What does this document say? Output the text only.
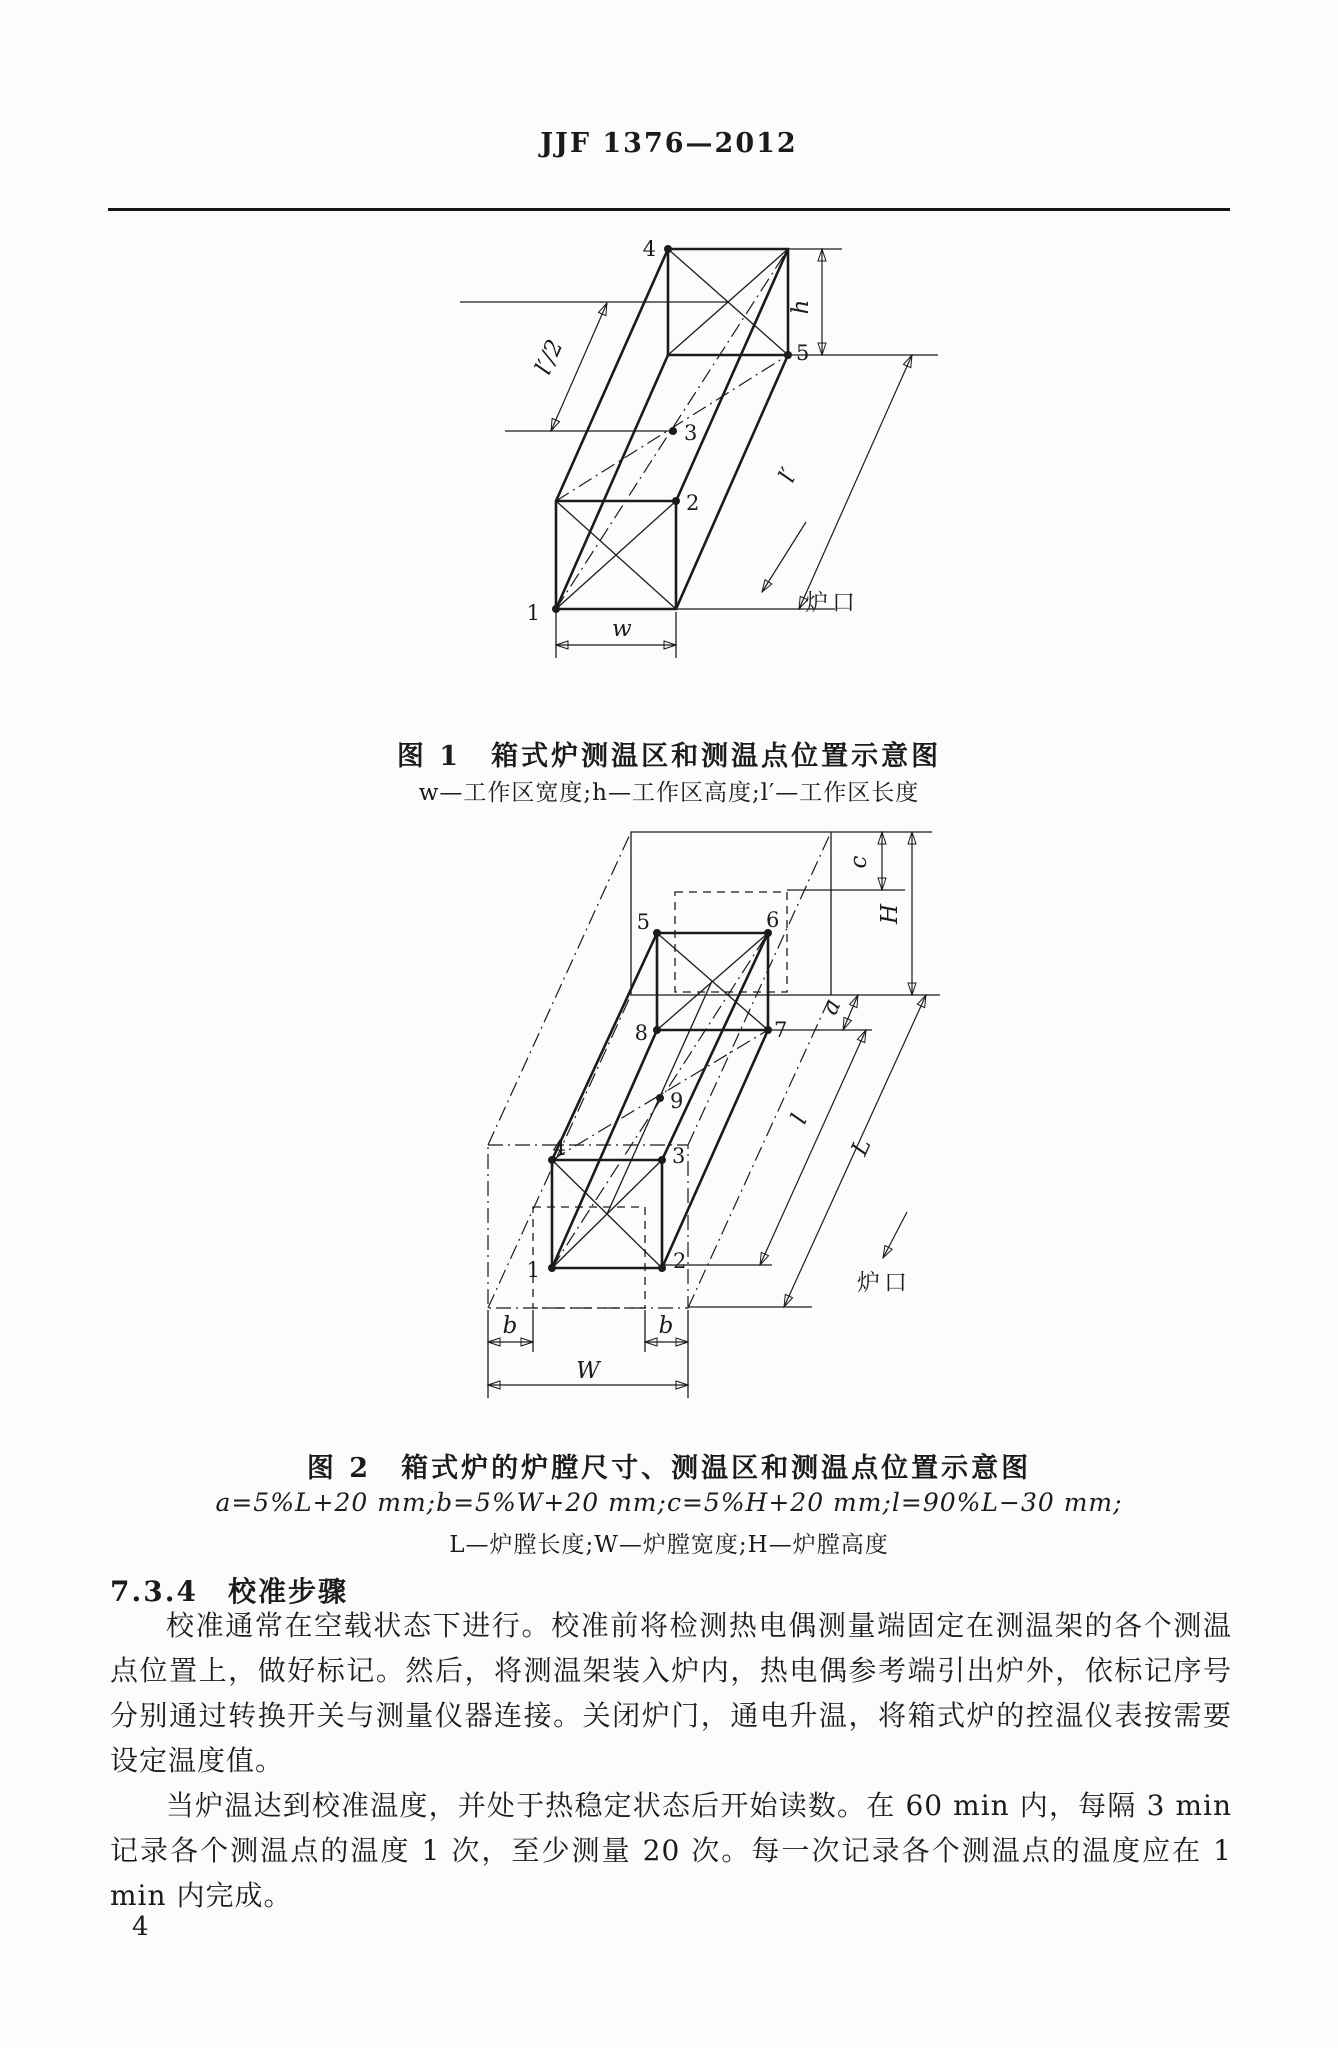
JJF 1376—2012
1
2
3
4
5
w
h
l′/2
l′
炉口
1	2
3
4
5	6
7
8
9
a
b	b
c
H
l
L
W
炉口
图 1　箱式炉测温区和测温点位置示意图
w—工作区宽度;h—工作区高度;l′—工作区长度
图 2　箱式炉的炉膛尺寸、测温区和测温点位置示意图
a=5%L+20 mm;b=5%W+20 mm;c=5%H+20 mm;l=90%L−30 mm;
L—炉膛长度;W—炉膛宽度;H—炉膛高度
7.3.4 校准步骤

校准通常在空载状态下进行。校准前将检测热电偶测量端固定在测温架的各个测温点位置上，做好标记。然后，将测温架装入炉内，热电偶参考端引出炉外，依标记序号分别通过转换开关与测量仪器连接。关闭炉门，通电升温，将箱式炉的控温仪表按需要设定温度值。

当炉温达到校准温度，并处于热稳定状态后开始读数。在 60 min 内，每隔 3 min 记录各个测温点的温度 1 次，至少测量 20 次。每一次记录各个测温点的温度应在 1 min 内完成。

4
